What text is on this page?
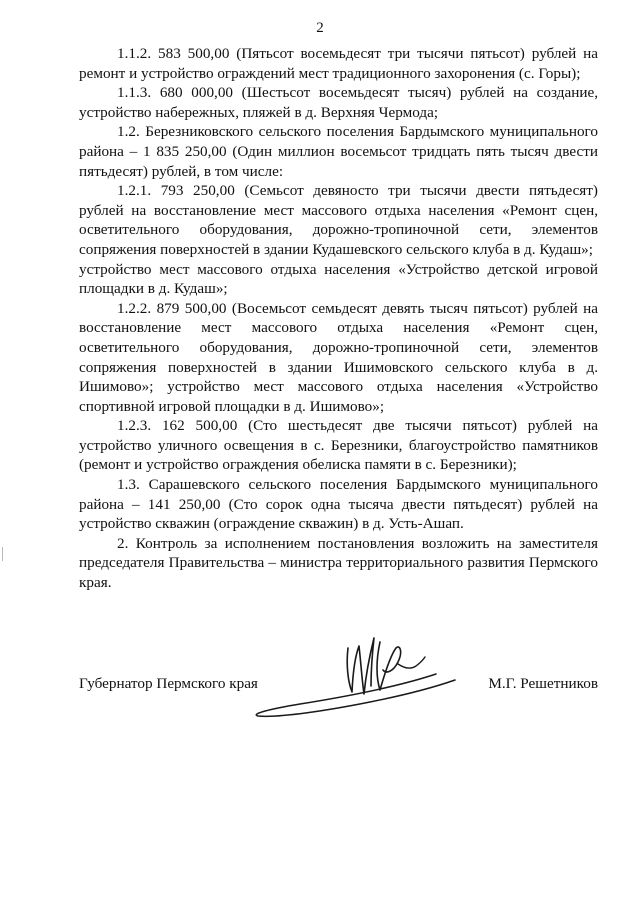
2

1.1.2. 583 500,00 (Пятьсот восемьдесят три тысячи пятьсот) рублей на ремонт и устройство ограждений мест традиционного захоронения (с. Горы);

1.1.3. 680 000,00 (Шестьсот восемьдесят тысяч) рублей на создание, устройство набережных, пляжей в д. Верхняя Чермода;

1.2. Березниковского сельского поселения Бардымского муниципального района – 1 835 250,00 (Один миллион восемьсот тридцать пять тысяч двести пятьдесят) рублей, в том числе:

1.2.1. 793 250,00 (Семьсот девяносто три тысячи двести пятьдесят) рублей на восстановление мест массового отдыха населения «Ремонт сцен, осветительного оборудования, дорожно-тропиночной сети, элементов сопряжения поверхностей в здании Кудашевского сельского клуба в д. Кудаш»;

устройство мест массового отдыха населения «Устройство детской игровой площадки в д. Кудаш»;

1.2.2. 879 500,00 (Восемьсот семьдесят девять тысяч пятьсот) рублей на восстановление мест массового отдыха населения «Ремонт сцен, осветительного оборудования, дорожно-тропиночной сети, элементов сопряжения поверхностей в здании Ишимовского сельского клуба в д. Ишимово»; устройство мест массового отдыха населения «Устройство спортивной игровой площадки в д. Ишимово»;

1.2.3. 162 500,00 (Сто шестьдесят две тысячи пятьсот) рублей на устройство уличного освещения в с. Березники, благоустройство памятников (ремонт и устройство ограждения обелиска памяти в с. Березники);

1.3. Сарашевского сельского поселения Бардымского муниципального района – 141 250,00 (Сто сорок одна тысяча двести пятьдесят) рублей на устройство скважин (ограждение скважин) в д. Усть-Ашап.

2. Контроль за исполнением постановления возложить на заместителя председателя Правительства – министра территориального развития Пермского края.

Губернатор Пермского края	М.Г. Решетников
